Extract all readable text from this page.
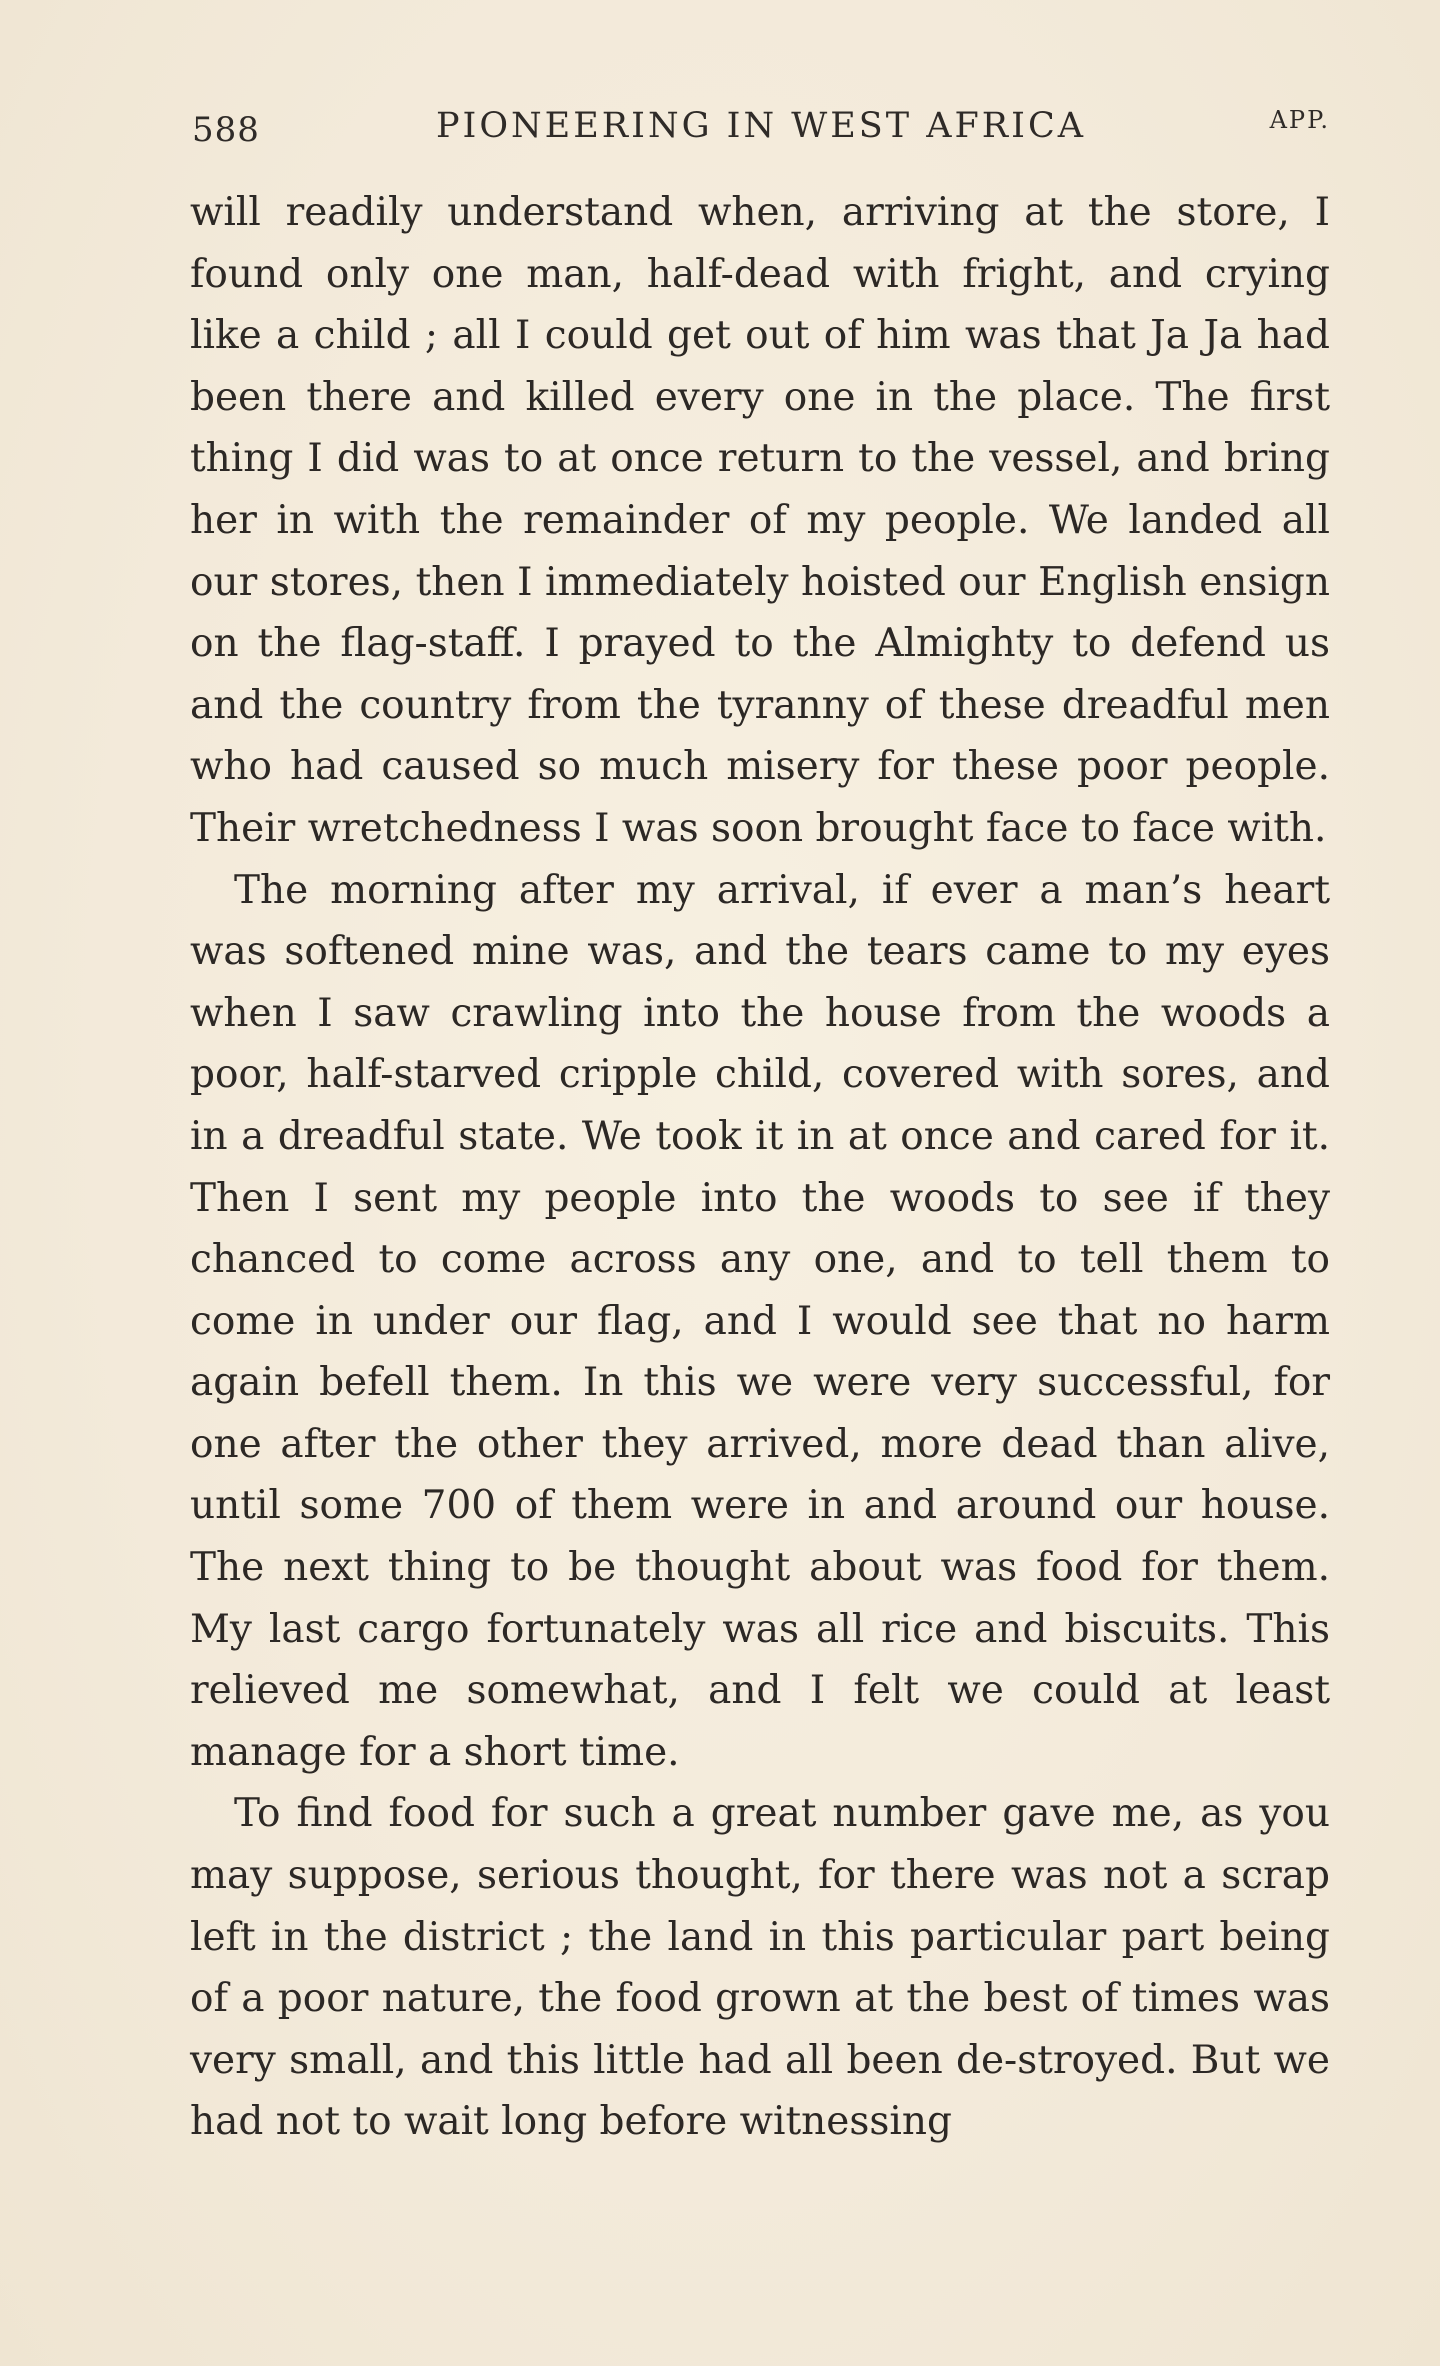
588	PIONEERING IN WEST AFRICA	APP.

will readily understand when, arriving at the store, I found only one man, half-dead with fright, and crying like a child ; all I could get out of him was that Ja Ja had been there and killed every one in the place. The first thing I did was to at once return to the vessel, and bring her in with the remainder of my people. We landed all our stores, then I immediately hoisted our English ensign on the flag-staff. I prayed to the Almighty to defend us and the country from the tyranny of these dreadful men who had caused so much misery for these poor people. Their wretchedness I was soon brought face to face with.

The morning after my arrival, if ever a man’s heart was softened mine was, and the tears came to my eyes when I saw crawling into the house from the woods a poor, half-starved cripple child, covered with sores, and in a dreadful state. We took it in at once and cared for it. Then I sent my people into the woods to see if they chanced to come across any one, and to tell them to come in under our flag, and I would see that no harm again befell them. In this we were very successful, for one after the other they arrived, more dead than alive, until some 700 of them were in and around our house. The next thing to be thought about was food for them. My last cargo fortunately was all rice and biscuits. This relieved me somewhat, and I felt we could at least manage for a short time.

To find food for such a great number gave me, as you may suppose, serious thought, for there was not a scrap left in the district ; the land in this particular part being of a poor nature, the food grown at the best of times was very small, and this little had all been de-stroyed. But we had not to wait long before witnessing
